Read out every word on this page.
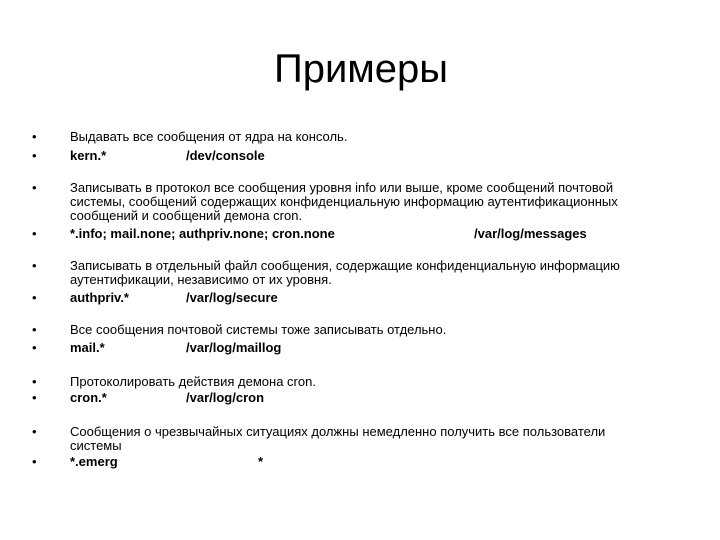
Примеры
•	Выдавать все сообщения от ядра на консоль.
•	kern.*	/dev/console
•	Записывать в протокол все сообщения уровня info или выше, кроме сообщений почтовой
системы, сообщений содержащих конфиденциальную информацию аутентификационных
сообщений и сообщений демона cron.
•	*.info; mail.none; authpriv.none; cron.none	/var/log/messages
•	Записывать в отдельный файл сообщения, содержащие конфиденциальную информацию
аутентификации, независимо от их уровня.
•	authpriv.*	/var/log/secure
•	Все сообщения почтовой системы тоже записывать отдельно.
•	mail.*	/var/log/maillog
•	Протоколировать действия демона cron.
•	cron.*	/var/log/cron
•	Сообщения о чрезвычайных ситуациях должны немедленно получить все пользователи
системы
•	*.emerg	*
